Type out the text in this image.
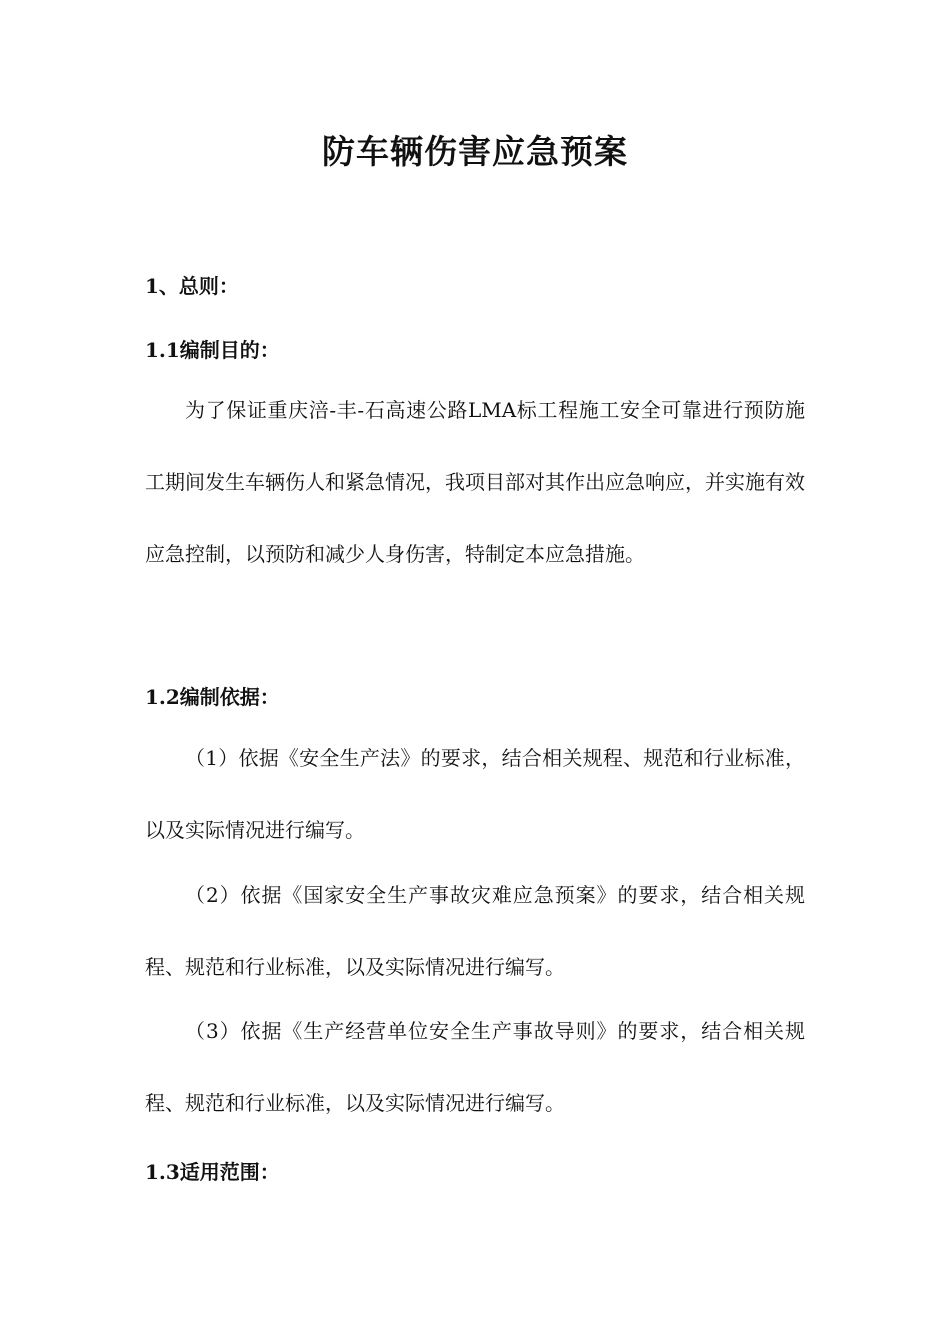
防车辆伤害应急预案
1、总则：
1.1编制目的：

为了保证重庆涪-丰-石高速公路LMA标工程施工安全可靠进行预防施工期间发生车辆伤人和紧急情况，我项目部对其作出应急响应，并实施有效应急控制，以预防和减少人身伤害，特制定本应急措施。

1.2编制依据：

（1）依据《安全生产法》的要求，结合相关规程、规范和行业标准，以及实际情况进行编写。

（2）依据《国家安全生产事故灾难应急预案》的要求，结合相关规程、规范和行业标准，以及实际情况进行编写。

（3）依据《生产经营单位安全生产事故导则》的要求，结合相关规程、规范和行业标准，以及实际情况进行编写。

1.3适用范围：
